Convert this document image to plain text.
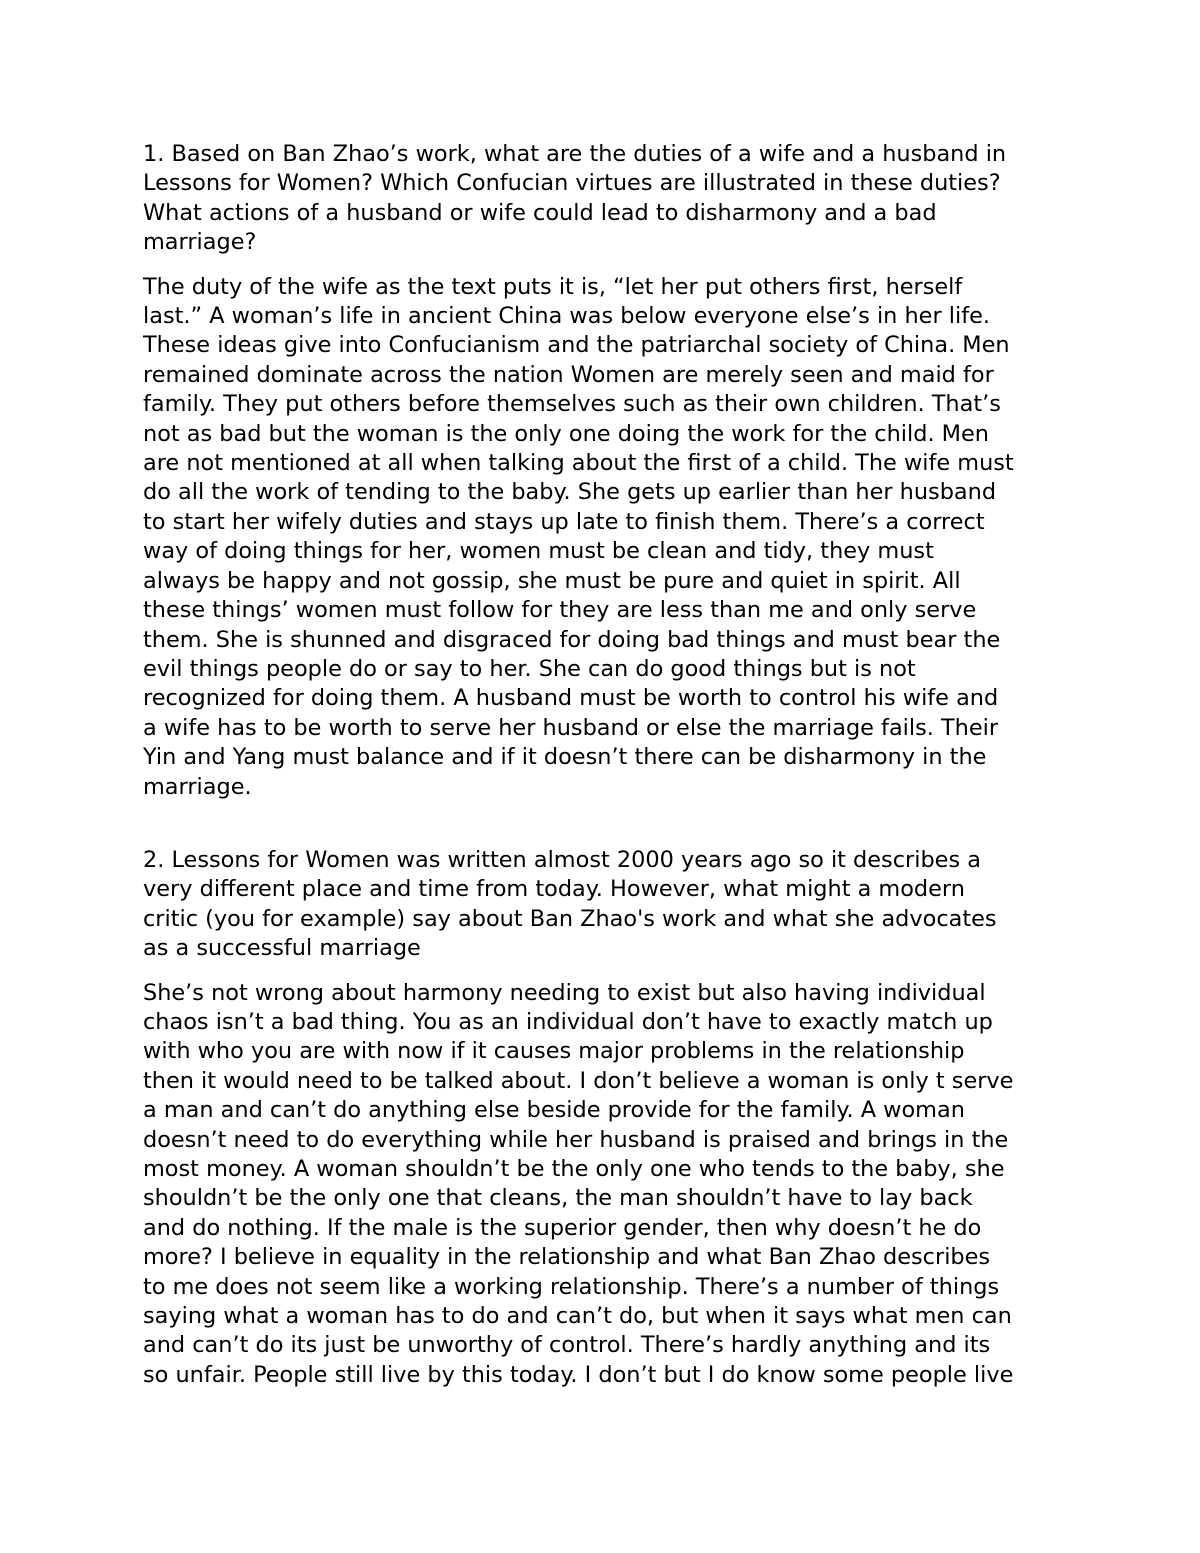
1. Based on Ban Zhao’s work, what are the duties of a wife and a husband in
Lessons for Women? Which Confucian virtues are illustrated in these duties?
What actions of a husband or wife could lead to disharmony and a bad
marriage?
The duty of the wife as the text puts it is, “let her put others first, herself
last.” A woman’s life in ancient China was below everyone else’s in her life.
These ideas give into Confucianism and the patriarchal society of China. Men
remained dominate across the nation Women are merely seen and maid for
family. They put others before themselves such as their own children. That’s
not as bad but the woman is the only one doing the work for the child. Men
are not mentioned at all when talking about the first of a child. The wife must
do all the work of tending to the baby. She gets up earlier than her husband
to start her wifely duties and stays up late to finish them. There’s a correct
way of doing things for her, women must be clean and tidy, they must
always be happy and not gossip, she must be pure and quiet in spirit. All
these things’ women must follow for they are less than me and only serve
them. She is shunned and disgraced for doing bad things and must bear the
evil things people do or say to her. She can do good things but is not
recognized for doing them. A husband must be worth to control his wife and
a wife has to be worth to serve her husband or else the marriage fails. Their
Yin and Yang must balance and if it doesn’t there can be disharmony in the
marriage.
2. Lessons for Women was written almost 2000 years ago so it describes a
very different place and time from today. However, what might a modern
critic (you for example) say about Ban Zhao's work and what she advocates
as a successful marriage
She’s not wrong about harmony needing to exist but also having individual
chaos isn’t a bad thing. You as an individual don’t have to exactly match up
with who you are with now if it causes major problems in the relationship
then it would need to be talked about. I don’t believe a woman is only t serve
a man and can’t do anything else beside provide for the family. A woman
doesn’t need to do everything while her husband is praised and brings in the
most money. A woman shouldn’t be the only one who tends to the baby, she
shouldn’t be the only one that cleans, the man shouldn’t have to lay back
and do nothing. If the male is the superior gender, then why doesn’t he do
more? I believe in equality in the relationship and what Ban Zhao describes
to me does not seem like a working relationship. There’s a number of things
saying what a woman has to do and can’t do, but when it says what men can
and can’t do its just be unworthy of control. There’s hardly anything and its
so unfair. People still live by this today. I don’t but I do know some people live
